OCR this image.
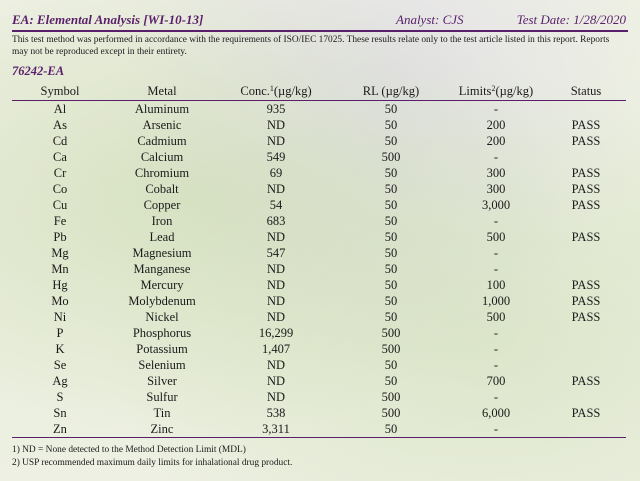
EA: Elemental Analysis [WI-10-13]	Analyst: CJS	Test Date: 1/28/2020
This test method was performed in accordance with the requirements of ISO/IEC 17025. These results relate only to the test article listed in this report. Reports may not be reproduced except in their entirety.
76242-EA
Symbol	Metal	Conc.$^1$(µg/kg)	RL (µg/kg)	Limits$^2$(µg/kg)	Status
Al	Aluminum	935	50	-	
As	Arsenic	ND	50	200	PASS
Cd	Cadmium	ND	50	200	PASS
Ca	Calcium	549	500	-	
Cr	Chromium	69	50	300	PASS
Co	Cobalt	ND	50	300	PASS
Cu	Copper	54	50	3,000	PASS
Fe	Iron	683	50	-	
Pb	Lead	ND	50	500	PASS
Mg	Magnesium	547	50	-	
Mn	Manganese	ND	50	-	
Hg	Mercury	ND	50	100	PASS
Mo	Molybdenum	ND	50	1,000	PASS
Ni	Nickel	ND	50	500	PASS
P	Phosphorus	16,299	500	-	
K	Potassium	1,407	500	-	
Se	Selenium	ND	50	-	
Ag	Silver	ND	50	700	PASS
S	Sulfur	ND	500	-	
Sn	Tin	538	500	6,000	PASS
Zn	Zinc	3,311	50	-	
1) ND = None detected to the Method Detection Limit (MDL)
2) USP recommended maximum daily limits for inhalational drug product.
